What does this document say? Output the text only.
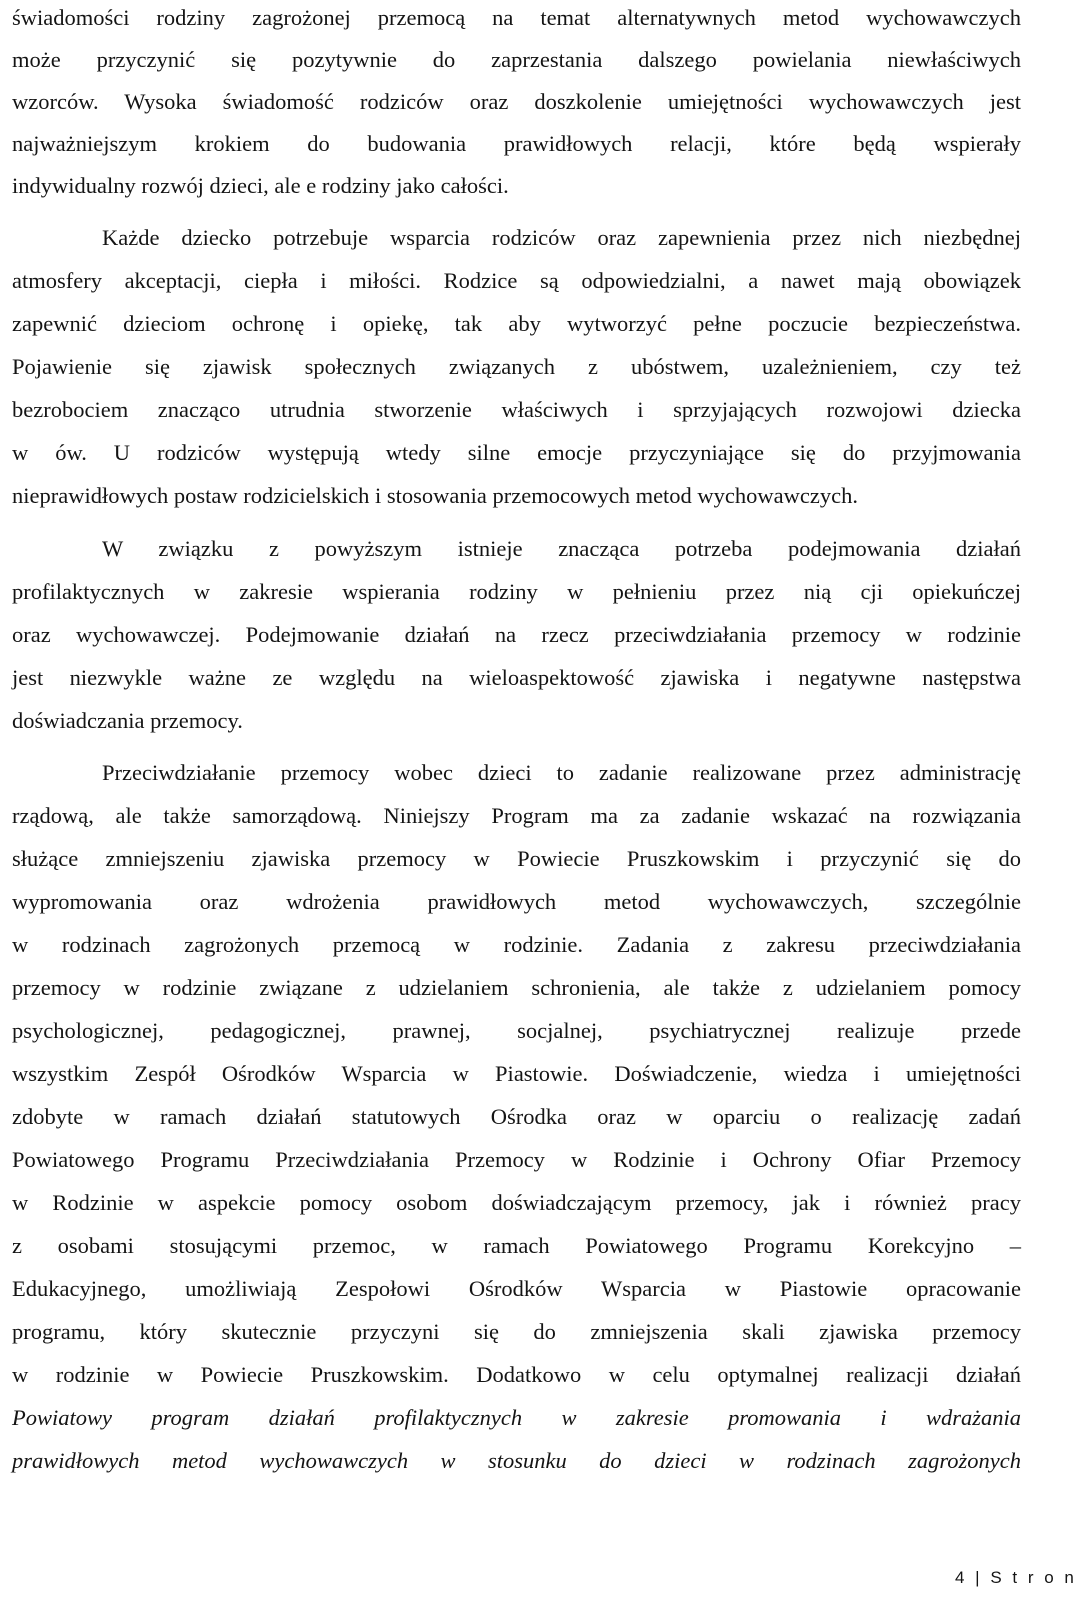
świadomości rodziny zagrożonej przemocą na temat alternatywnych metod wychowawczych
może przyczynić się pozytywnie do zaprzestania dalszego powielania niewłaściwych
wzorców. Wysoka świadomość rodziców oraz doszkolenie umiejętności wychowawczych jest
najważniejszym krokiem do budowania prawidłowych relacji, które będą wspierały
indywidualny rozwój dzieci, ale e rodziny jako całości.
Każde dziecko potrzebuje wsparcia rodziców oraz zapewnienia przez nich niezbędnej
atmosfery akceptacji, ciepła i miłości. Rodzice są odpowiedzialni, a nawet mają obowiązek
zapewnić dzieciom ochronę i opiekę, tak aby wytworzyć pełne poczucie bezpieczeństwa.
Pojawienie się zjawisk społecznych związanych z ubóstwem, uzależnieniem, czy też
bezrobociem znacząco utrudnia stworzenie właściwych i sprzyjających rozwojowi dziecka
w ów. U rodziców występują wtedy silne emocje przyczyniające się do przyjmowania
nieprawidłowych postaw rodzicielskich i stosowania przemocowych metod wychowawczych.
W związku z powyższym istnieje znacząca potrzeba podejmowania działań
profilaktycznych w zakresie wspierania rodziny w pełnieniu przez nią cji opiekuńczej
oraz wychowawczej. Podejmowanie działań na rzecz przeciwdziałania przemocy w rodzinie
jest niezwykle ważne ze względu na wieloaspektowość zjawiska i negatywne następstwa
doświadczania przemocy.
Przeciwdziałanie przemocy wobec dzieci to zadanie realizowane przez administrację
rządową, ale także samorządową. Niniejszy Program ma za zadanie wskazać na rozwiązania
służące zmniejszeniu zjawiska przemocy w Powiecie Pruszkowskim i przyczynić się do
wypromowania oraz wdrożenia prawidłowych metod wychowawczych, szczególnie
w rodzinach zagrożonych przemocą w rodzinie. Zadania z zakresu przeciwdziałania
przemocy w rodzinie związane z udzielaniem schronienia, ale także z udzielaniem pomocy
psychologicznej, pedagogicznej, prawnej, socjalnej, psychiatrycznej realizuje przede
wszystkim Zespół Ośrodków Wsparcia w Piastowie. Doświadczenie, wiedza i umiejętności
zdobyte w ramach działań statutowych Ośrodka oraz w oparciu o realizację zadań
Powiatowego Programu Przeciwdziałania Przemocy w Rodzinie i Ochrony Ofiar Przemocy
w Rodzinie w aspekcie pomocy osobom doświadczającym przemocy, jak i również pracy
z osobami stosującymi przemoc, w ramach Powiatowego Programu Korekcyjno –
Edukacyjnego, umożliwiają Zespołowi Ośrodków Wsparcia w Piastowie opracowanie
programu, który skutecznie przyczyni się do zmniejszenia skali zjawiska przemocy
w rodzinie w Powiecie Pruszkowskim. Dodatkowo w celu optymalnej realizacji działań
Powiatowy program działań profilaktycznych w zakresie promowania i wdrażania
prawidłowych metod wychowawczych w stosunku do dzieci w rodzinach zagrożonych
4 | S t r o n
